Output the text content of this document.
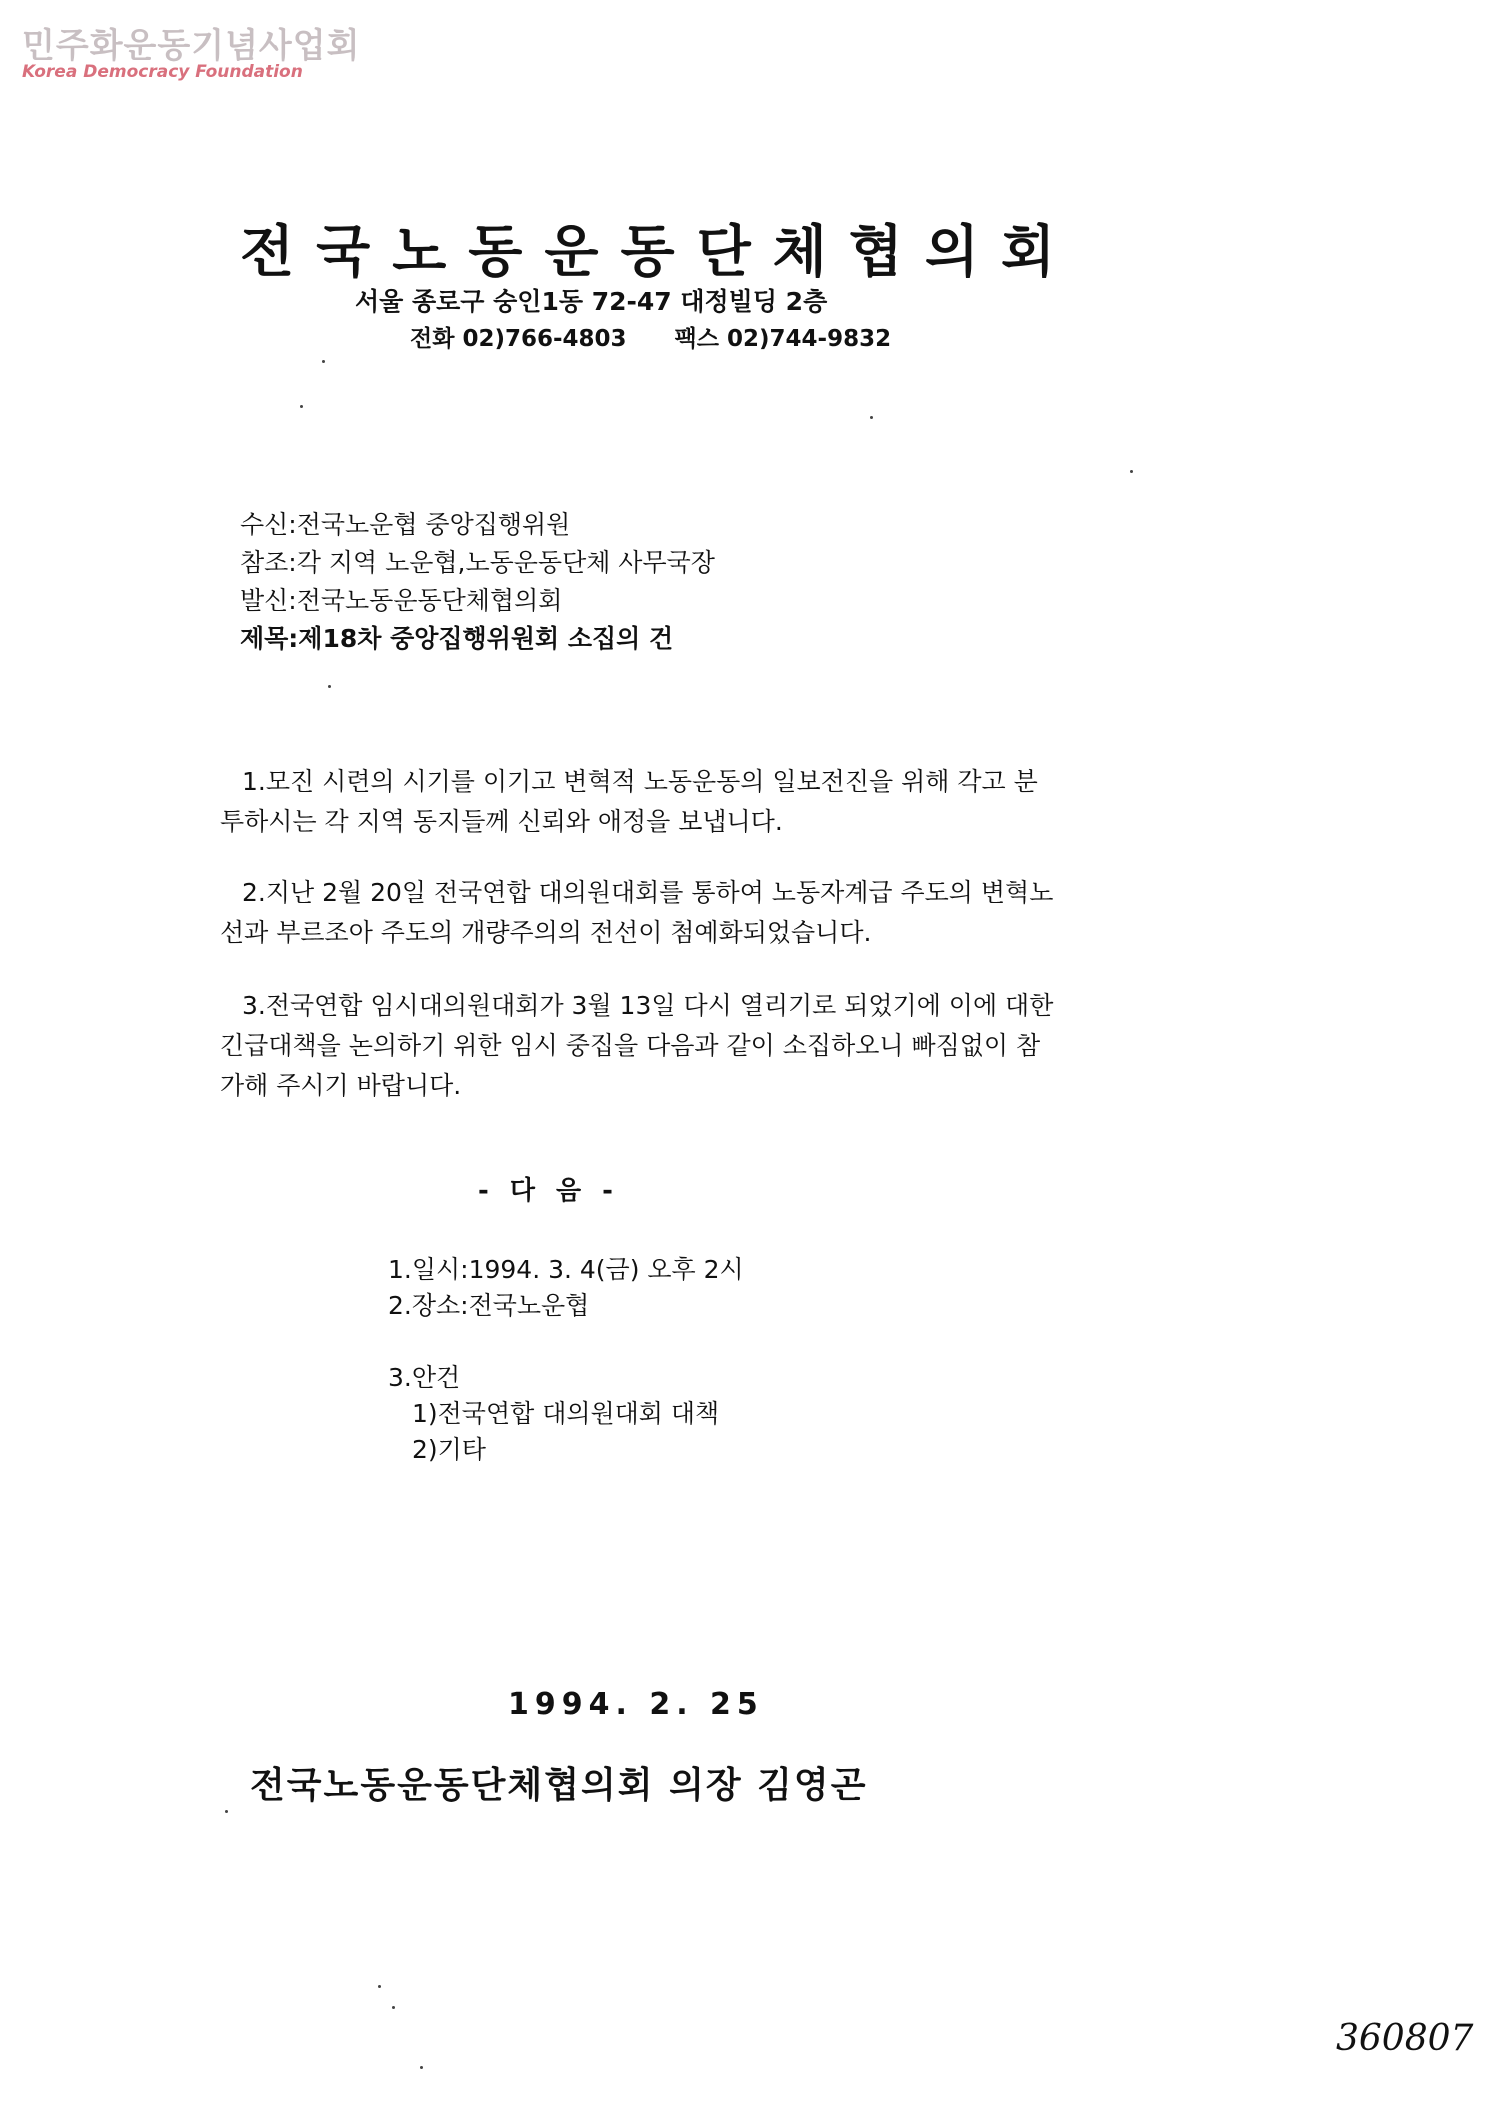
민주화운동기념사업회
Korea Democracy Foundation
전국노동운동단체협의회
서울 종로구 숭인1동 72-47 대정빌딩 2층
전화 02)766-4803 팩스 02)744-9832
수신:전국노운협 중앙집행위원
참조:각 지역 노운협,노동운동단체 사무국장
발신:전국노동운동단체협의회
제목:제18차 중앙집행위원회 소집의 건
1.모진 시련의 시기를 이기고 변혁적 노동운동의 일보전진을 위해 각고 분
투하시는 각 지역 동지들께 신뢰와 애정을 보냅니다.
2.지난 2월 20일 전국연합 대의원대회를 통하여 노동자계급 주도의 변혁노
선과 부르조아 주도의 개량주의의 전선이 첨예화되었습니다.
3.전국연합 임시대의원대회가 3월 13일 다시 열리기로 되었기에 이에 대한
긴급대책을 논의하기 위한 임시 중집을 다음과 같이 소집하오니 빠짐없이 참
가해 주시기 바랍니다.
- 다 음 -
1.일시:1994. 3. 4(금) 오후 2시
2.장소:전국노운협
3.안건
1)전국연합 대의원대회 대책
2)기타
1994. 2. 25
전국노동운동단체협의회 의장 김영곤
360807
